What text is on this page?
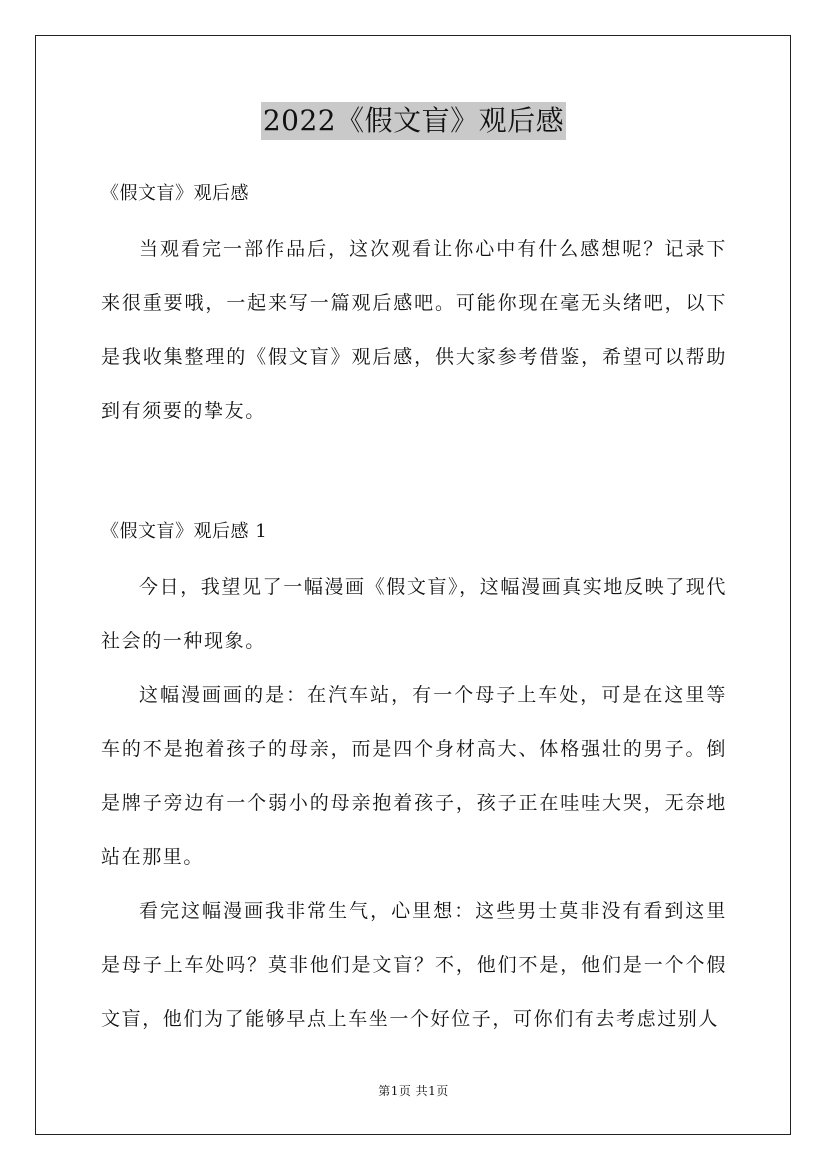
2022《假文盲》观后感

《假文盲》观后感

当观看完一部作品后，这次观看让你心中有什么感想呢？记录下来很重要哦，一起来写一篇观后感吧。可能你现在毫无头绪吧，以下是我收集整理的《假文盲》观后感，供大家参考借鉴，希望可以帮助到有须要的挚友。

《假文盲》观后感 1

今日，我望见了一幅漫画《假文盲》，这幅漫画真实地反映了现代社会的一种现象。

这幅漫画画的是：在汽车站，有一个母子上车处，可是在这里等车的不是抱着孩子的母亲，而是四个身材高大、体格强壮的男子。倒是牌子旁边有一个弱小的母亲抱着孩子，孩子正在哇哇大哭，无奈地站在那里。

看完这幅漫画我非常生气，心里想：这些男士莫非没有看到这里是母子上车处吗？莫非他们是文盲？不，他们不是，他们是一个个假文盲，他们为了能够早点上车坐一个好位子，可你们有去考虑过别人

第1页 共1页
